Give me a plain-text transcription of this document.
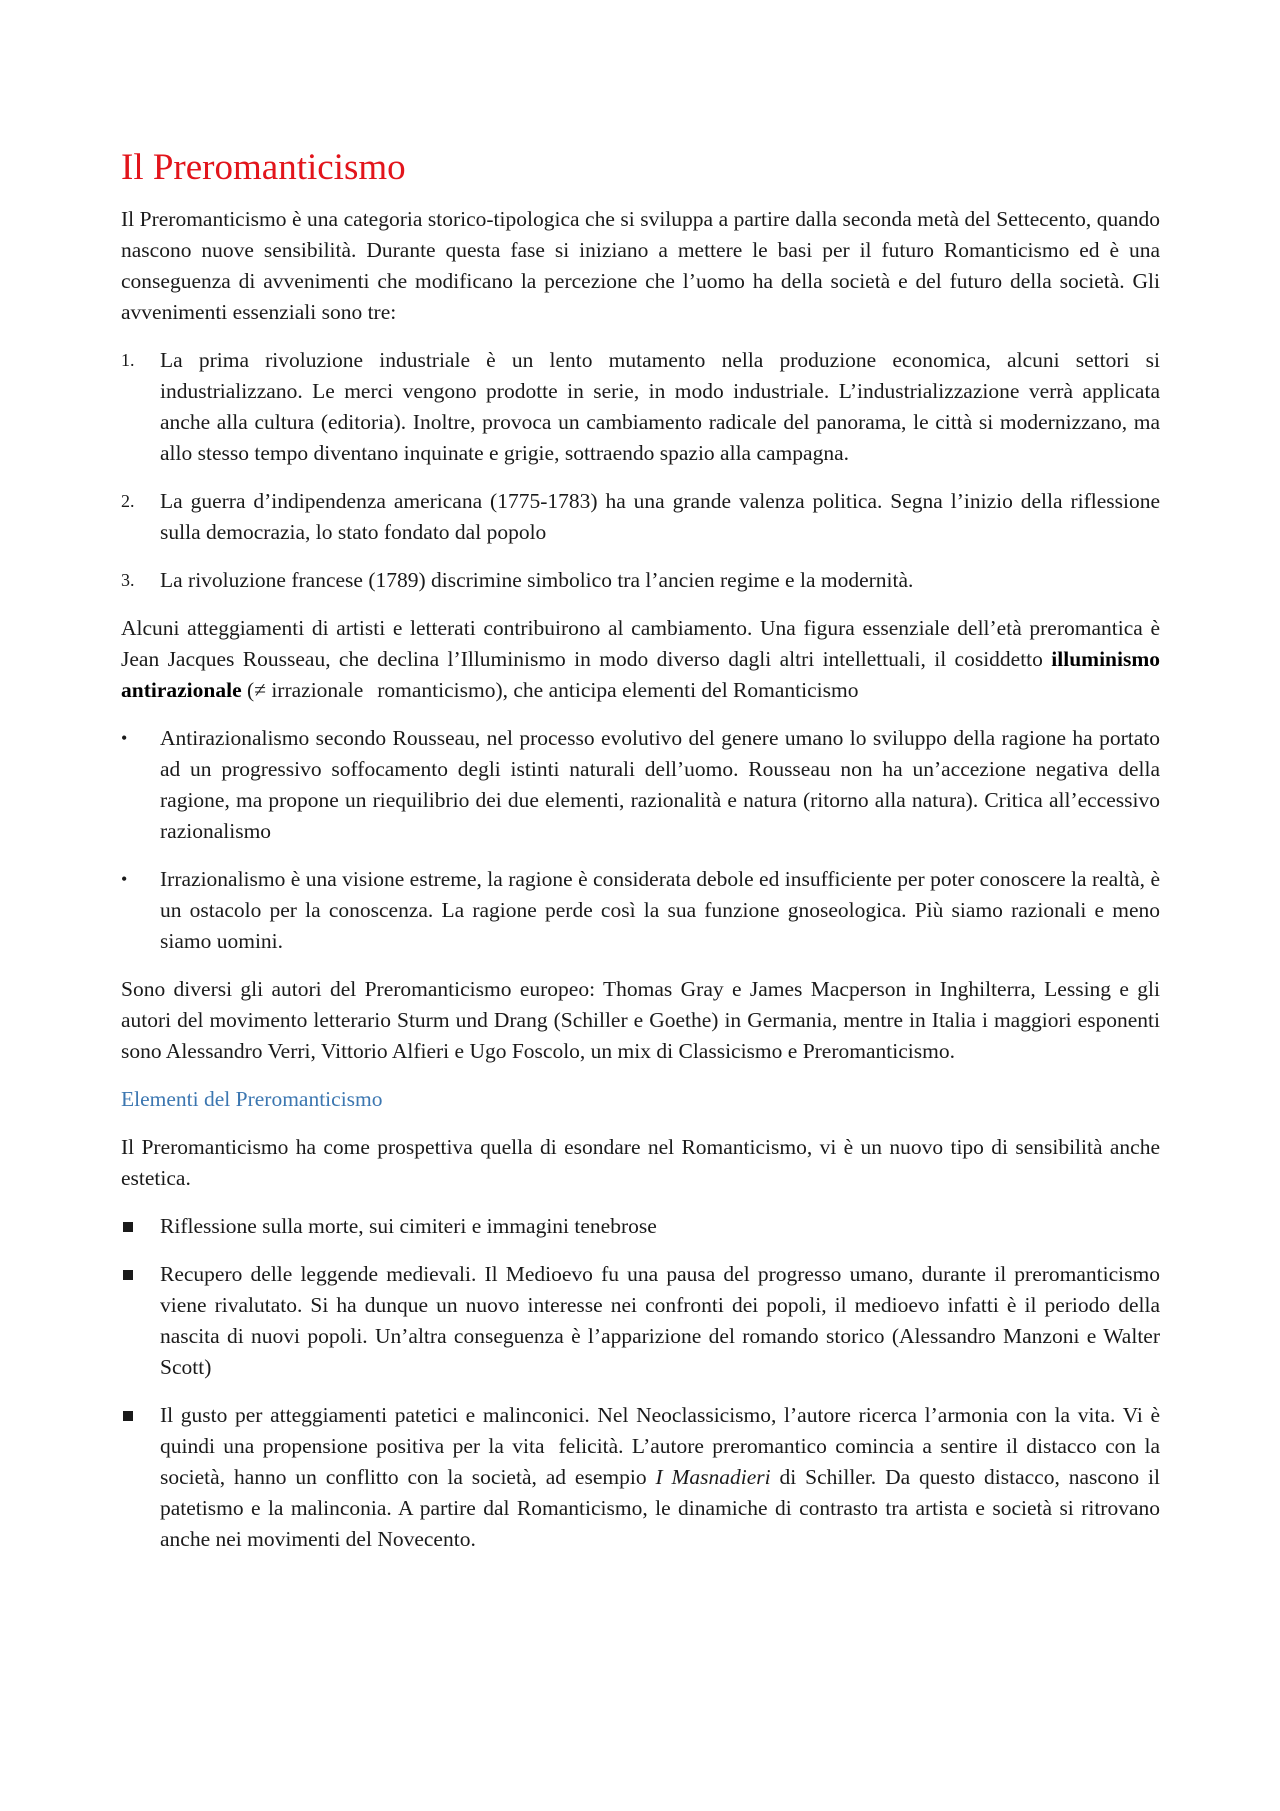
Il Preromanticismo

Il Preromanticismo è una categoria storico-tipologica che si sviluppa a partire dalla seconda metà del Settecento, quando nascono nuove sensibilità. Durante questa fase si iniziano a mettere le basi per il futuro Romanticismo ed è una conseguenza di avvenimenti che modificano la percezione che l’uomo ha della società e del futuro della società. Gli avvenimenti essenziali sono tre:

1. La prima rivoluzione industriale è un lento mutamento nella produzione economica, alcuni settori si industrializzano. Le merci vengono prodotte in serie, in modo industriale. L’industrializzazione verrà applicata anche alla cultura (editoria). Inoltre, provoca un cambiamento radicale del panorama, le città si modernizzano, ma allo stesso tempo diventano inquinate e grigie, sottraendo spazio alla campagna.
2. La guerra d’indipendenza americana (1775-1783) ha una grande valenza politica. Segna l’inizio della riflessione sulla democrazia, lo stato fondato dal popolo
3. La rivoluzione francese (1789) discrimine simbolico tra l’ancien regime e la modernità.

Alcuni atteggiamenti di artisti e letterati contribuirono al cambiamento. Una figura essenziale dell’età preromantica è Jean Jacques Rousseau, che declina l’Illuminismo in modo diverso dagli altri intellettuali, il cosiddetto illuminismo antirazionale (≠ irrazionale romanticismo), che anticipa elementi del Romanticismo

• Antirazionalismo secondo Rousseau, nel processo evolutivo del genere umano lo sviluppo della ragione ha portato ad un progressivo soffocamento degli istinti naturali dell’uomo. Rousseau non ha un’accezione negativa della ragione, ma propone un riequilibrio dei due elementi, razionalità e natura (ritorno alla natura). Critica all’eccessivo razionalismo
• Irrazionalismo è una visione estreme, la ragione è considerata debole ed insufficiente per poter conoscere la realtà, è un ostacolo per la conoscenza. La ragione perde così la sua funzione gnoseologica. Più siamo razionali e meno siamo uomini.

Sono diversi gli autori del Preromanticismo europeo: Thomas Gray e James Macperson in Inghilterra, Lessing e gli autori del movimento letterario Sturm und Drang (Schiller e Goethe) in Germania, mentre in Italia i maggiori esponenti sono Alessandro Verri, Vittorio Alfieri e Ugo Foscolo, un mix di Classicismo e Preromanticismo.

Elementi del Preromanticismo

Il Preromanticismo ha come prospettiva quella di esondare nel Romanticismo, vi è un nuovo tipo di sensibilità anche estetica.

Riflessione sulla morte, sui cimiteri e immagini tenebrose
Recupero delle leggende medievali. Il Medioevo fu una pausa del progresso umano, durante il preromanticismo viene rivalutato. Si ha dunque un nuovo interesse nei confronti dei popoli, il medioevo infatti è il periodo della nascita di nuovi popoli. Un’altra conseguenza è l’apparizione del romando storico (Alessandro Manzoni e Walter Scott)
Il gusto per atteggiamenti patetici e malinconici. Nel Neoclassicismo, l’autore ricerca l’armonia con la vita. Vi è quindi una propensione positiva per la vita felicità. L’autore preromantico comincia a sentire il distacco con la società, hanno un conflitto con la società, ad esempio I Masnadieri di Schiller. Da questo distacco, nascono il patetismo e la malinconia. A partire dal Romanticismo, le dinamiche di contrasto tra artista e società si ritrovano anche nei movimenti del Novecento.
